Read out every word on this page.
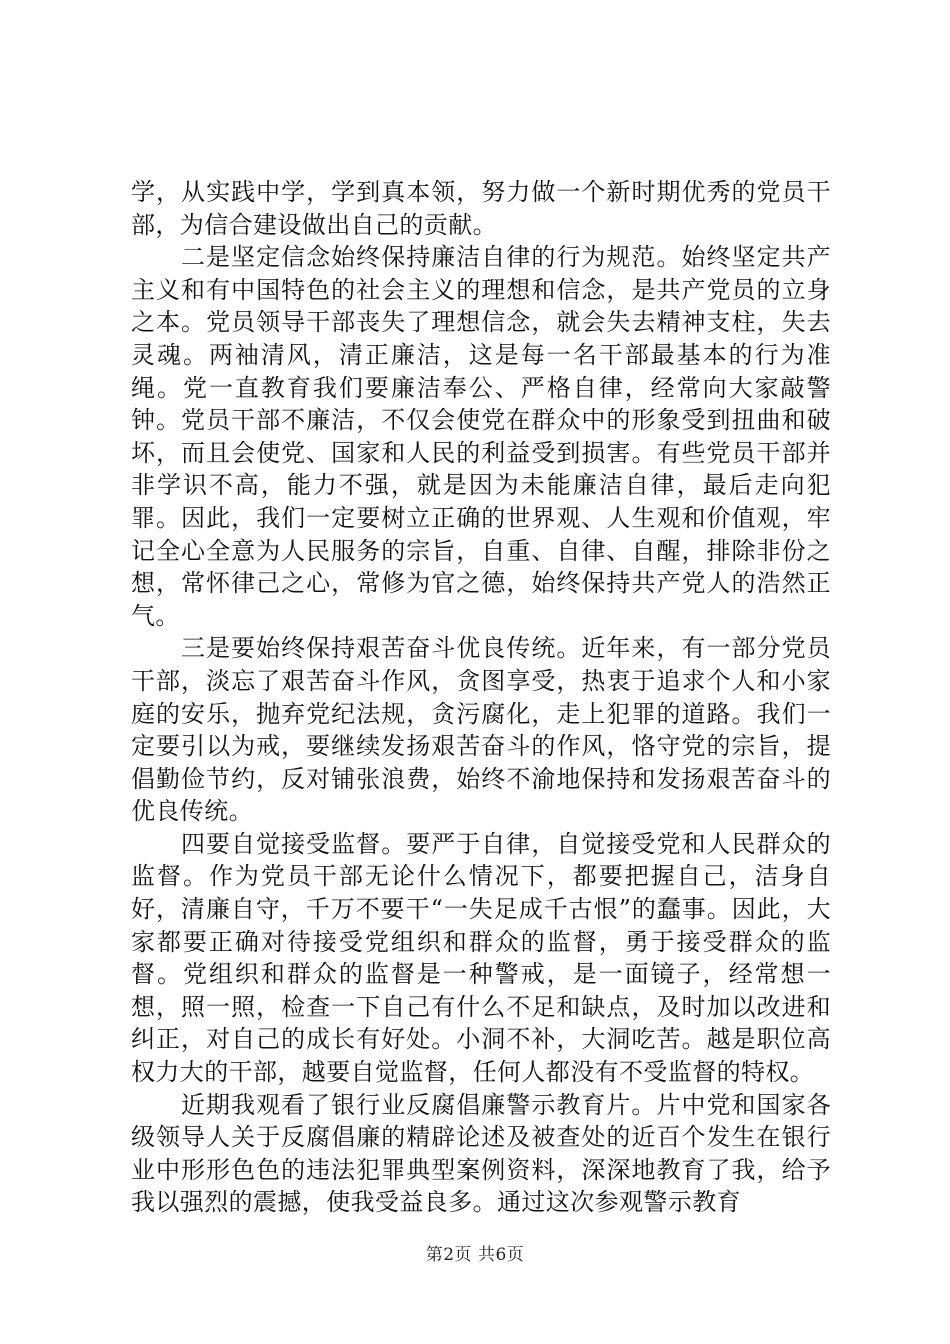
学，从实践中学，学到真本领，努力做一个新时期优秀的党员干部，为信合建设做出自己的贡献。

二是坚定信念始终保持廉洁自律的行为规范。始终坚定共产主义和有中国特色的社会主义的理想和信念，是共产党员的立身之本。党员领导干部丧失了理想信念，就会失去精神支柱，失去灵魂。两袖清风，清正廉洁，这是每一名干部最基本的行为准绳。党一直教育我们要廉洁奉公、严格自律，经常向大家敲警钟。党员干部不廉洁，不仅会使党在群众中的形象受到扭曲和破坏，而且会使党、国家和人民的利益受到损害。有些党员干部并非学识不高，能力不强，就是因为未能廉洁自律，最后走向犯罪。因此，我们一定要树立正确的世界观、人生观和价值观，牢记全心全意为人民服务的宗旨，自重、自律、自醒，排除非份之想，常怀律己之心，常修为官之德，始终保持共产党人的浩然正气。

三是要始终保持艰苦奋斗优良传统。近年来，有一部分党员干部，淡忘了艰苦奋斗作风，贪图享受，热衷于追求个人和小家庭的安乐，抛弃党纪法规，贪污腐化，走上犯罪的道路。我们一定要引以为戒，要继续发扬艰苦奋斗的作风，恪守党的宗旨，提倡勤俭节约，反对铺张浪费，始终不渝地保持和发扬艰苦奋斗的优良传统。

四要自觉接受监督。要严于自律，自觉接受党和人民群众的监督。作为党员干部无论什么情况下，都要把握自己，洁身自好，清廉自守，千万不要干“一失足成千古恨”的蠢事。因此，大家都要正确对待接受党组织和群众的监督，勇于接受群众的监督。党组织和群众的监督是一种警戒，是一面镜子，经常想一想，照一照，检查一下自己有什么不足和缺点，及时加以改进和纠正，对自己的成长有好处。小洞不补，大洞吃苦。越是职位高权力大的干部，越要自觉监督，任何人都没有不受监督的特权。

近期我观看了银行业反腐倡廉警示教育片。片中党和国家各级领导人关于反腐倡廉的精辟论述及被查处的近百个发生在银行业中形形色色的违法犯罪典型案例资料，深深地教育了我，给予我以强烈的震撼，使我受益良多。通过这次参观警示教育

第2页 共6页
